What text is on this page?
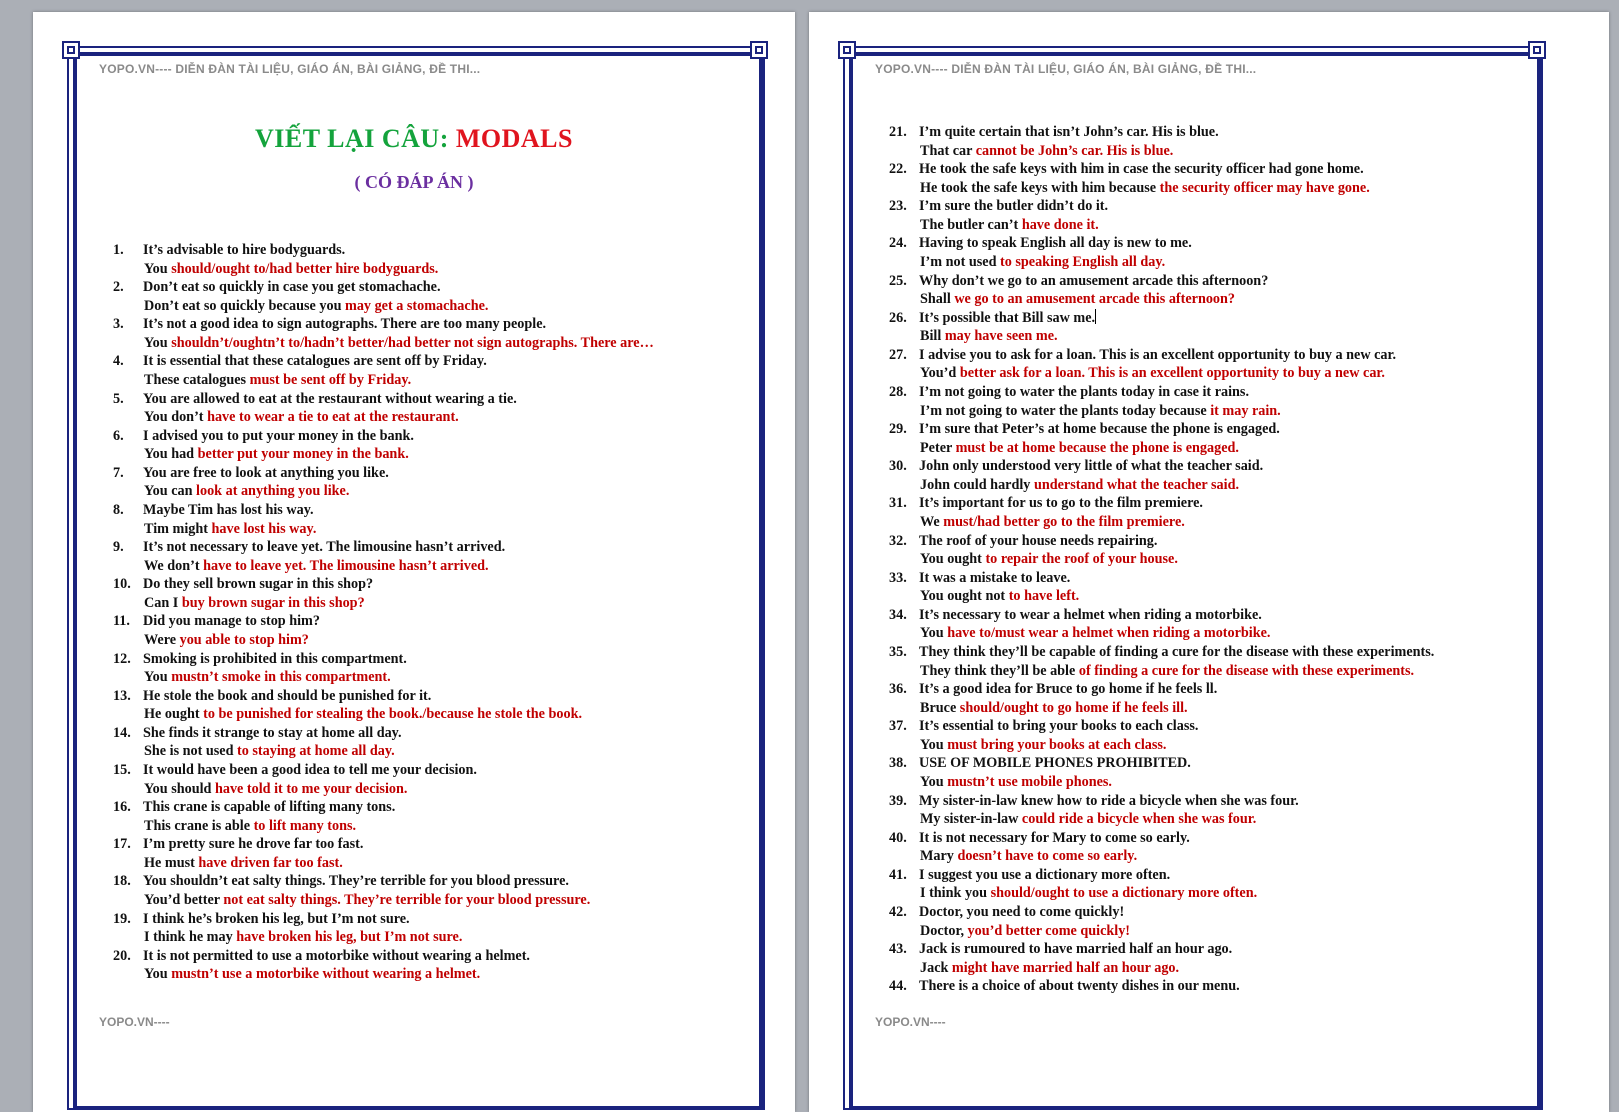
YOPO.VN---- DIỄN ĐÀN TÀI LIỆU, GIÁO ÁN, BÀI GIẢNG, ĐỀ THI...
VIẾT LẠI CÂU: MODALS
( CÓ ĐÁP ÁN )
1. It’s advisable to hire bodyguards.
You should/ought to/had better hire bodyguards.
2. Don’t eat so quickly in case you get stomachache.
Don’t eat so quickly because you may get a stomachache.
3. It’s not a good idea to sign autographs. There are too many people.
You shouldn’t/oughtn’t to/hadn’t better/had better not sign autographs. There are…
4. It is essential that these catalogues are sent off by Friday.
These catalogues must be sent off by Friday.
5. You are allowed to eat at the restaurant without wearing a tie.
You don’t have to wear a tie to eat at the restaurant.
6. I advised you to put your money in the bank.
You had better put your money in the bank.
7. You are free to look at anything you like.
You can look at anything you like.
8. Maybe Tim has lost his way.
Tim might have lost his way.
9. It’s not necessary to leave yet. The limousine hasn’t arrived.
We don’t have to leave yet. The limousine hasn’t arrived.
10. Do they sell brown sugar in this shop?
Can I buy brown sugar in this shop?
11. Did you manage to stop him?
Were you able to stop him?
12. Smoking is prohibited in this compartment.
You mustn’t smoke in this compartment.
13. He stole the book and should be punished for it.
He ought to be punished for stealing the book./because he stole the book.
14. She finds it strange to stay at home all day.
She is not used to staying at home all day.
15. It would have been a good idea to tell me your decision.
You should have told it to me your decision.
16. This crane is capable of lifting many tons.
This crane is able to lift many tons.
17. I’m pretty sure he drove far too fast.
He must have driven far too fast.
18. You shouldn’t eat salty things. They’re terrible for you blood pressure.
You’d better not eat salty things. They’re terrible for your blood pressure.
19. I think he’s broken his leg, but I’m not sure.
I think he may have broken his leg, but I’m not sure.
20. It is not permitted to use a motorbike without wearing a helmet.
You mustn’t use a motorbike without wearing a helmet.
YOPO.VN----
YOPO.VN---- DIỄN ĐÀN TÀI LIỆU, GIÁO ÁN, BÀI GIẢNG, ĐỀ THI...
21. I’m quite certain that isn’t John’s car. His is blue.
That car cannot be John’s car. His is blue.
22. He took the safe keys with him in case the security officer had gone home.
He took the safe keys with him because the security officer may have gone.
23. I’m sure the butler didn’t do it.
The butler can’t have done it.
24. Having to speak English all day is new to me.
I’m not used to speaking English all day.
25. Why don’t we go to an amusement arcade this afternoon?
Shall we go to an amusement arcade this afternoon?
26. It’s possible that Bill saw me.
Bill may have seen me.
27. I advise you to ask for a loan. This is an excellent opportunity to buy a new car.
You’d better ask for a loan. This is an excellent opportunity to buy a new car.
28. I’m not going to water the plants today in case it rains.
I’m not going to water the plants today because it may rain.
29. I’m sure that Peter’s at home because the phone is engaged.
Peter must be at home because the phone is engaged.
30. John only understood very little of what the teacher said.
John could hardly understand what the teacher said.
31. It’s important for us to go to the film premiere.
We must/had better go to the film premiere.
32. The roof of your house needs repairing.
You ought to repair the roof of your house.
33. It was a mistake to leave.
You ought not to have left.
34. It’s necessary to wear a helmet when riding a motorbike.
You have to/must wear a helmet when riding a motorbike.
35. They think they’ll be capable of finding a cure for the disease with these experiments.
They think they’ll be able of finding a cure for the disease with these experiments.
36. It’s a good idea for Bruce to go home if he feels ll.
Bruce should/ought to go home if he feels ill.
37. It’s essential to bring your books to each class.
You must bring your books at each class.
38. USE OF MOBILE PHONES PROHIBITED.
You mustn’t use mobile phones.
39. My sister-in-law knew how to ride a bicycle when she was four.
My sister-in-law could ride a bicycle when she was four.
40. It is not necessary for Mary to come so early.
Mary doesn’t have to come so early.
41. I suggest you use a dictionary more often.
I think you should/ought to use a dictionary more often.
42. Doctor, you need to come quickly!
Doctor, you’d better come quickly!
43. Jack is rumoured to have married half an hour ago.
Jack might have married half an hour ago.
44. There is a choice of about twenty dishes in our menu.
YOPO.VN----
